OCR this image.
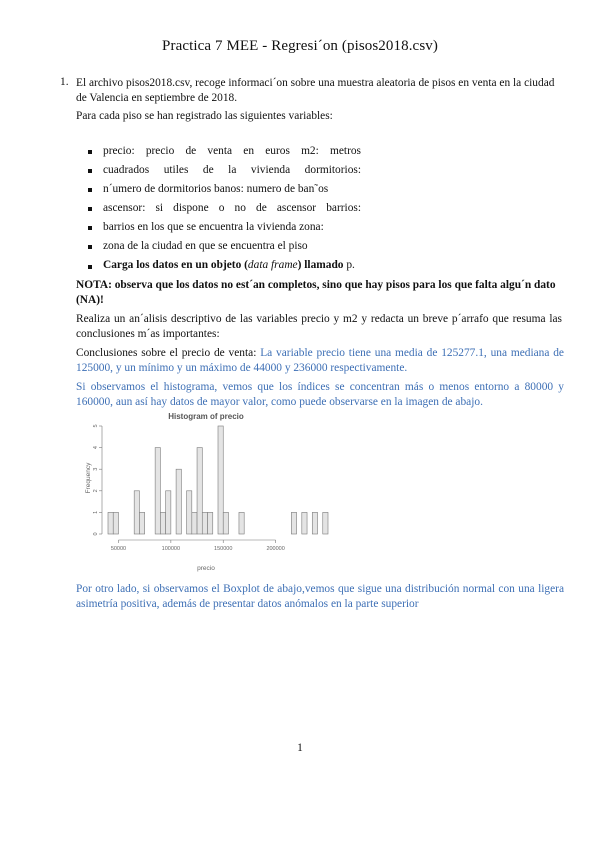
Practica 7 MEE - Regresi´on (pisos2018.csv)
1. El archivo pisos2018.csv, recoge informaci´on sobre una muestra aleatoria de pisos en venta en la ciudad de Valencia en septiembre de 2018.
Para cada piso se han registrado las siguientes variables:
precio: precio de venta en euros m2: metros
cuadrados utiles de la vivienda dormitorios:
n´umero de dormitorios banos: numero de ban˜os
ascensor: si dispone o no de ascensor barrios:
barrios en los que se encuentra la vivienda zona:
zona de la ciudad en que se encuentra el piso
Carga los datos en un objeto (data frame) llamado p.
NOTA: observa que los datos no est´an completos, sino que hay pisos para los que falta algu´n dato (NA)!
Realiza un an´alisis descriptivo de las variables precio y m2 y redacta un breve p´arrafo que resuma las conclusiones m´as importantes:
Conclusiones sobre el precio de venta: La variable precio tiene una media de 125277.1, una mediana de 125000, y un mínimo y un máximo de 44000 y 236000 respectivamente.
Si observamos el histograma, vemos que los índices se concentran más o menos entorno a 80000 y 160000, aun así hay datos de mayor valor, como puede observarse en la imagen de abajo.
Histogram of precio
Frequency
precio
0
1
2
3
4
5
50000	100000	150000	200000
Por otro lado, si observamos el Boxplot de abajo,vemos que sigue una distribución normal con una ligera asimetría positiva, además de presentar datos anómalos en la parte superior
1
